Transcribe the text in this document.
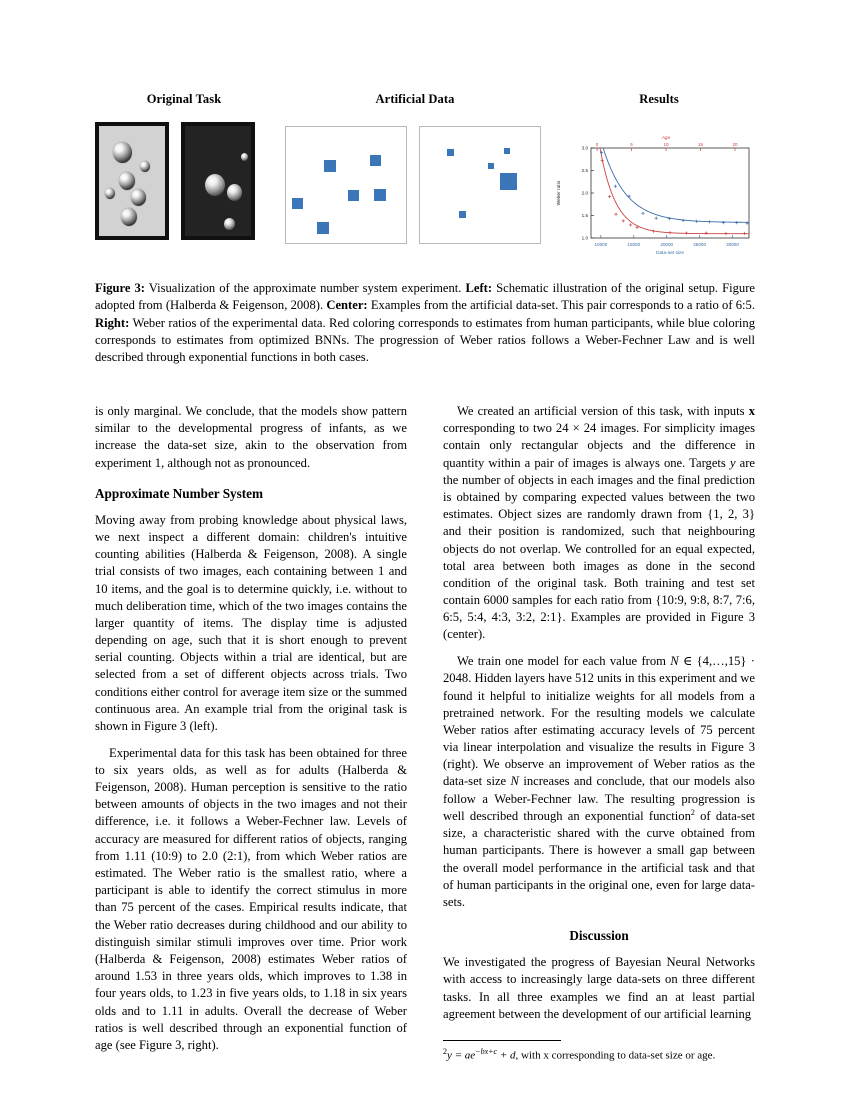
Original Task	Artificial Data	Results
10000	15000	20000	25000	30000
Data-set size
0	5	10	15	20
Age
1.0
1.5
2.0
2.5
3.0
Weber ratio
Figure 3: Visualization of the approximate number system experiment. Left: Schematic illustration of the original setup. Figure adopted from (Halberda & Feigenson, 2008). Center: Examples from the artificial data-set. This pair corresponds to a ratio of 6:5. Right: Weber ratios of the experimental data. Red coloring corresponds to estimates from human participants, while blue coloring corresponds to estimates from optimized BNNs. The progression of Weber ratios follows a Weber-Fechner Law and is well described through exponential functions in both cases.

is only marginal. We conclude, that the models show pattern similar to the developmental progress of infants, as we increase the data-set size, akin to the observation from experiment 1, although not as pronounced.

Approximate Number System

Moving away from probing knowledge about physical laws, we next inspect a different domain: children's intuitive counting abilities (Halberda & Feigenson, 2008). A single trial consists of two images, each containing between 1 and 10 items, and the goal is to determine quickly, i.e. without to much deliberation time, which of the two images contains the larger quantity of items. The display time is adjusted depending on age, such that it is short enough to prevent serial counting. Objects within a trial are identical, but are selected from a set of different objects across trials. Two conditions either control for average item size or the summed continuous area. An example trial from the original task is shown in Figure 3 (left).

Experimental data for this task has been obtained for three to six years olds, as well as for adults (Halberda & Feigenson, 2008). Human perception is sensitive to the ratio between amounts of objects in the two images and not their difference, i.e. it follows a Weber-Fechner law. Levels of accuracy are measured for different ratios of objects, ranging from 1.11 (10:9) to 2.0 (2:1), from which Weber ratios are estimated. The Weber ratio is the smallest ratio, where a participant is able to identify the correct stimulus in more than 75 percent of the cases. Empirical results indicate, that the Weber ratio decreases during childhood and our ability to distinguish similar stimuli improves over time. Prior work (Halberda & Feigenson, 2008) estimates Weber ratios of around 1.53 in three years olds, which improves to 1.38 in four years olds, to 1.23 in five years olds, to 1.18 in six years olds and to 1.11 in adults. Overall the decrease of Weber ratios is well described through an exponential function of age (see Figure 3, right).

We created an artificial version of this task, with inputs x corresponding to two 24 × 24 images. For simplicity images contain only rectangular objects and the difference in quantity within a pair of images is always one. Targets y are the number of objects in each images and the final prediction is obtained by comparing expected values between the two estimates. Object sizes are randomly drawn from {1, 2, 3} and their position is randomized, such that neighbouring objects do not overlap. We controlled for an equal expected, total area between both images as done in the second condition of the original task. Both training and test set contain 6000 samples for each ratio from {10:9, 9:8, 8:7, 7:6, 6:5, 5:4, 4:3, 3:2, 2:1}. Examples are provided in Figure 3 (center).

We train one model for each value from N ∈ {4,…,15} · 2048. Hidden layers have 512 units in this experiment and we found it helpful to initialize weights for all models from a pretrained network. For the resulting models we calculate Weber ratios after estimating accuracy levels of 75 percent via linear interpolation and visualize the results in Figure 3 (right). We observe an improvement of Weber ratios as the data-set size N increases and conclude, that our models also follow a Weber-Fechner law. The resulting progression is well described through an exponential function$^2$ of data-set size, a characteristic shared with the curve obtained from human participants. There is however a small gap between the overall model performance in the artificial task and that of human participants in the original one, even for large data-sets.

Discussion

We investigated the progress of Bayesian Neural Networks with access to increasingly large data-sets on three different tasks. In all three examples we find an at least partial agreement between the development of our artificial learning

$^2y = ae^{-bx+c} + d$, with x corresponding to data-set size or age.
